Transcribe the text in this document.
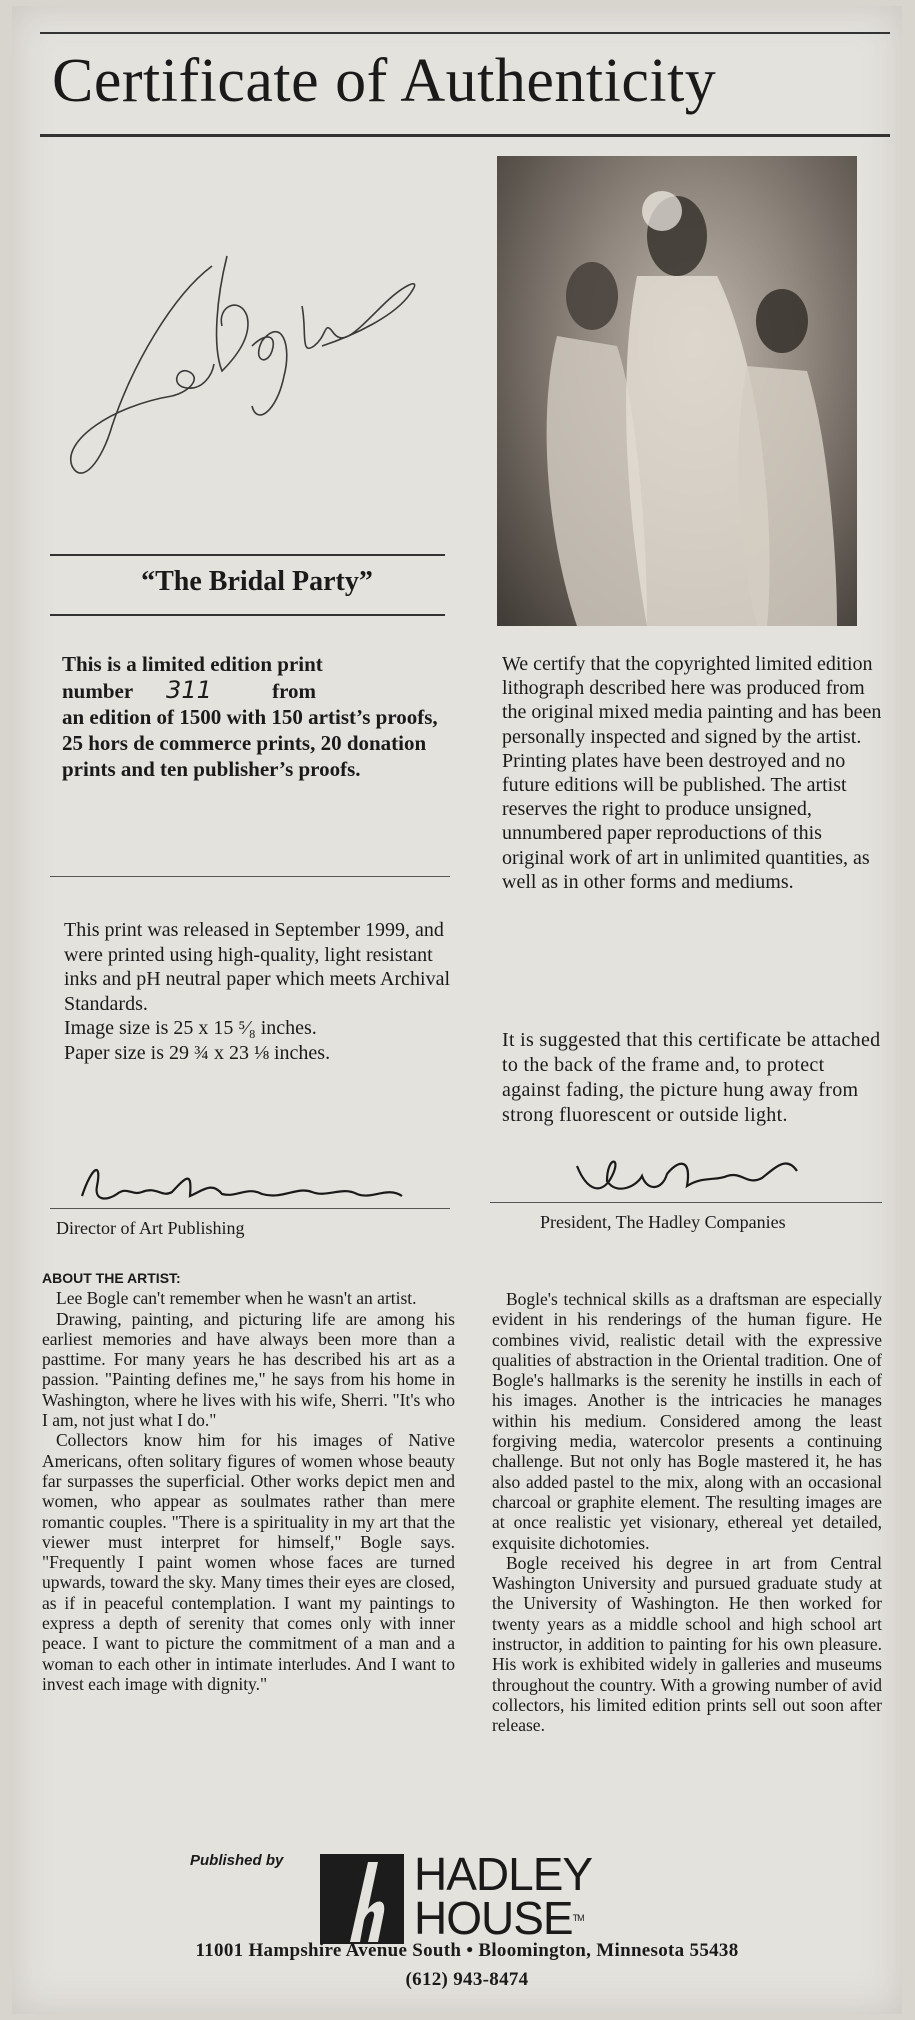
Certificate of Authenticity
“The Bridal Party”
This is a limited edition print
number 311	from
an edition of 1500 with 150 artist’s proofs, 25 hors de commerce prints, 20 donation prints and ten publisher’s proofs.
This print was released in September 1999, and were printed using high-quality, light resistant inks and pH neutral paper which meets Archival Standards.
Image size is 25 x 15 ⁵⁄₈ inches.
Paper size is 29 ¾ x 23 ⅛ inches.
We certify that the copyrighted limited edition lithograph described here was produced from the original mixed media painting and has been personally inspected and signed by the artist. Printing plates have been destroyed and no future editions will be published. The artist reserves the right to produce unsigned, unnumbered paper reproductions of this original work of art in unlimited quantities, as well as in other forms and mediums.
It is suggested that this certificate be attached to the back of the frame and, to protect against fading, the picture hung away from strong fluorescent or outside light.
Director of Art Publishing	President, The Hadley Companies
ABOUT THE ARTIST:

Lee Bogle can't remember when he wasn't an artist.

Drawing, painting, and picturing life are among his earliest memories and have always been more than a pasttime. For many years he has described his art as a passion. "Painting defines me," he says from his home in Washington, where he lives with his wife, Sherri. "It's who I am, not just what I do."

Collectors know him for his images of Native Americans, often solitary figures of women whose beauty far surpasses the superficial. Other works depict men and women, who appear as soulmates rather than mere romantic couples. "There is a spirituality in my art that the viewer must interpret for himself," Bogle says. "Frequently I paint women whose faces are turned upwards, toward the sky. Many times their eyes are closed, as if in peaceful contemplation. I want my paintings to express a depth of serenity that comes only with inner peace. I want to picture the commitment of a man and a woman to each other in intimate interludes. And I want to invest each image with dignity."

Bogle's technical skills as a draftsman are especially evident in his renderings of the human figure. He combines vivid, realistic detail with the expressive qualities of abstraction in the Oriental tradition. One of Bogle's hallmarks is the serenity he instills in each of his images. Another is the intricacies he manages within his medium. Considered among the least forgiving media, watercolor presents a continuing challenge. But not only has Bogle mastered it, he has also added pastel to the mix, along with an occasional charcoal or graphite element. The resulting images are at once realistic yet visionary, ethereal yet detailed, exquisite dichotomies.

Bogle received his degree in art from Central Washington University and pursued graduate study at the University of Washington. He then worked for twenty years as a middle school and high school art instructor, in addition to painting for his own pleasure. His work is exhibited widely in galleries and museums throughout the country. With a growing number of avid collectors, his limited edition prints sell out soon after release.

Published by	HADLEY
HOUSETM
11001 Hampshire Avenue South • Bloomington, Minnesota 55438
(612) 943-8474
